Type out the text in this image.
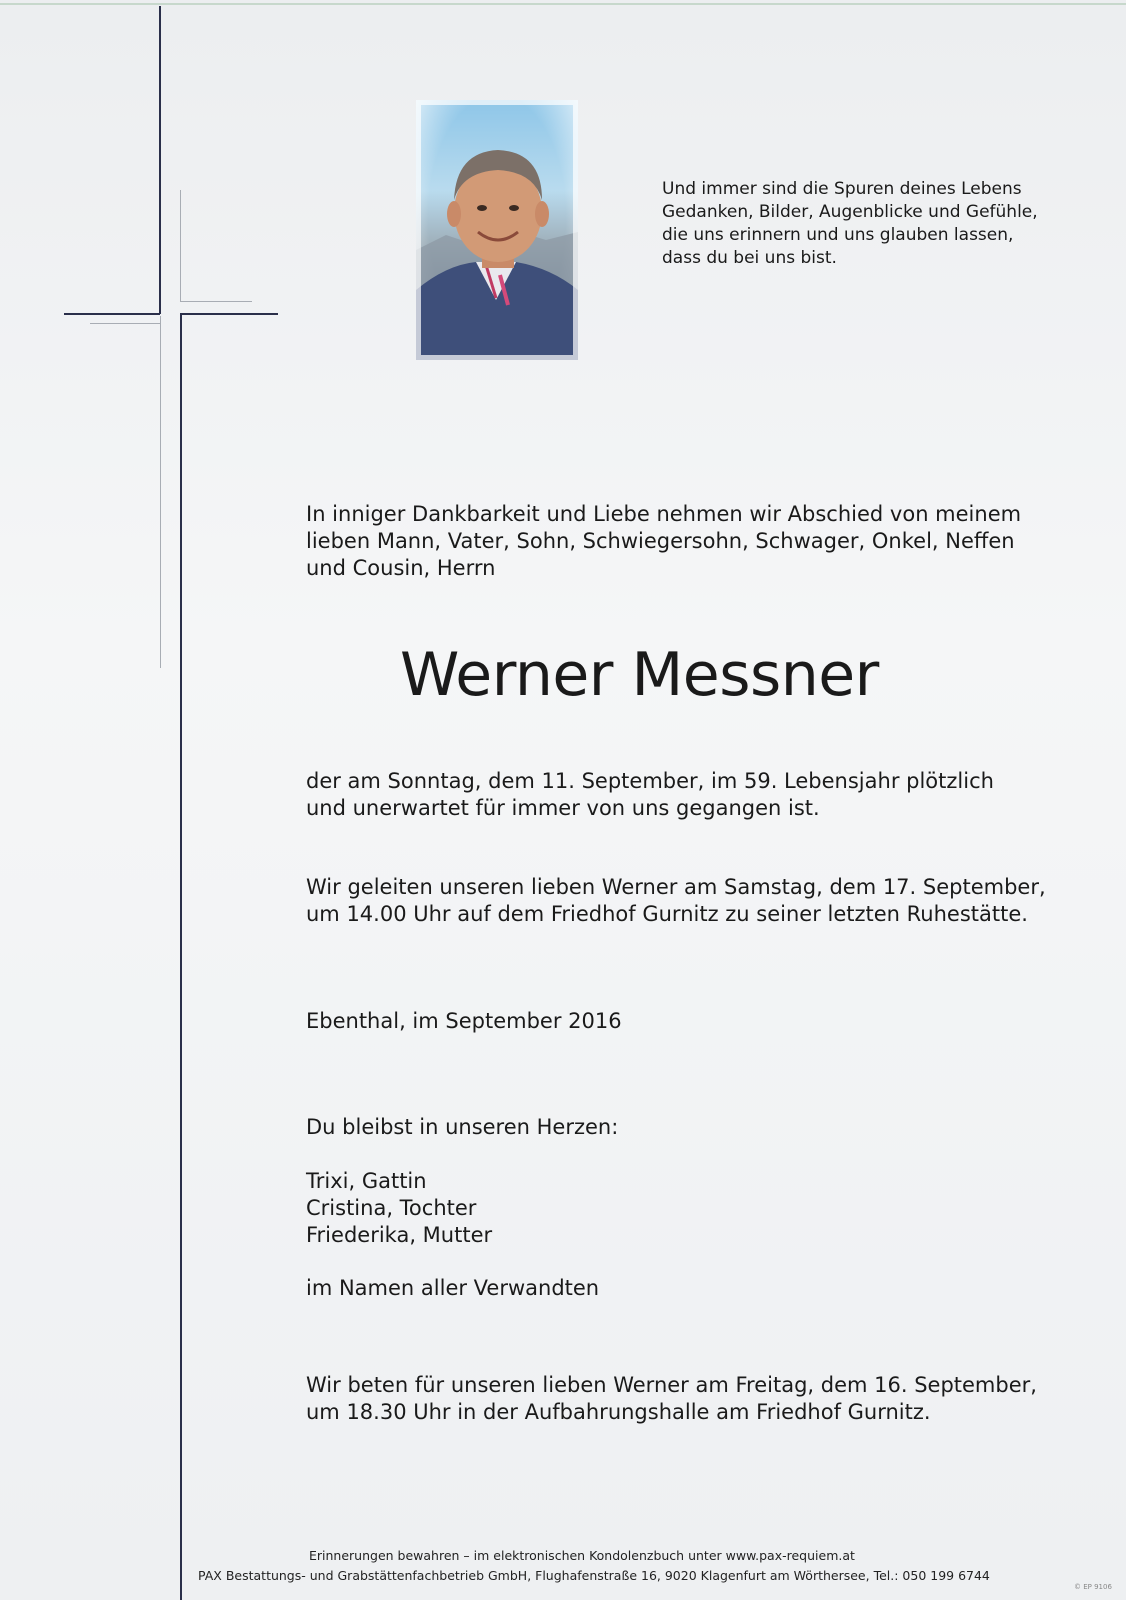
Und immer sind die Spuren deines Lebens
Gedanken, Bilder, Augenblicke und Gefühle,
die uns erinnern und uns glauben lassen,
dass du bei uns bist.
In inniger Dankbarkeit und Liebe nehmen wir Abschied von meinem
lieben Mann, Vater, Sohn, Schwiegersohn, Schwager, Onkel, Neffen
und Cousin, Herrn
Werner Messner
der am Sonntag, dem 11. September, im 59. Lebensjahr plötzlich
und unerwartet für immer von uns gegangen ist.
Wir geleiten unseren lieben Werner am Samstag, dem 17. September,
um 14.00 Uhr auf dem Friedhof Gurnitz zu seiner letzten Ruhestätte.
Ebenthal, im September 2016
Du bleibst in unseren Herzen:
Trixi, Gattin
Cristina, Tochter
Friederika, Mutter
im Namen aller Verwandten
Wir beten für unseren lieben Werner am Freitag, dem 16. September,
um 18.30 Uhr in der Aufbahrungshalle am Friedhof Gurnitz.
Erinnerungen bewahren – im elektronischen Kondolenzbuch unter www.pax-requiem.at
PAX Bestattungs- und Grabstättenfachbetrieb GmbH, Flughafenstraße 16, 9020 Klagenfurt am Wörthersee, Tel.: 050 199 6744
© EP 9106
